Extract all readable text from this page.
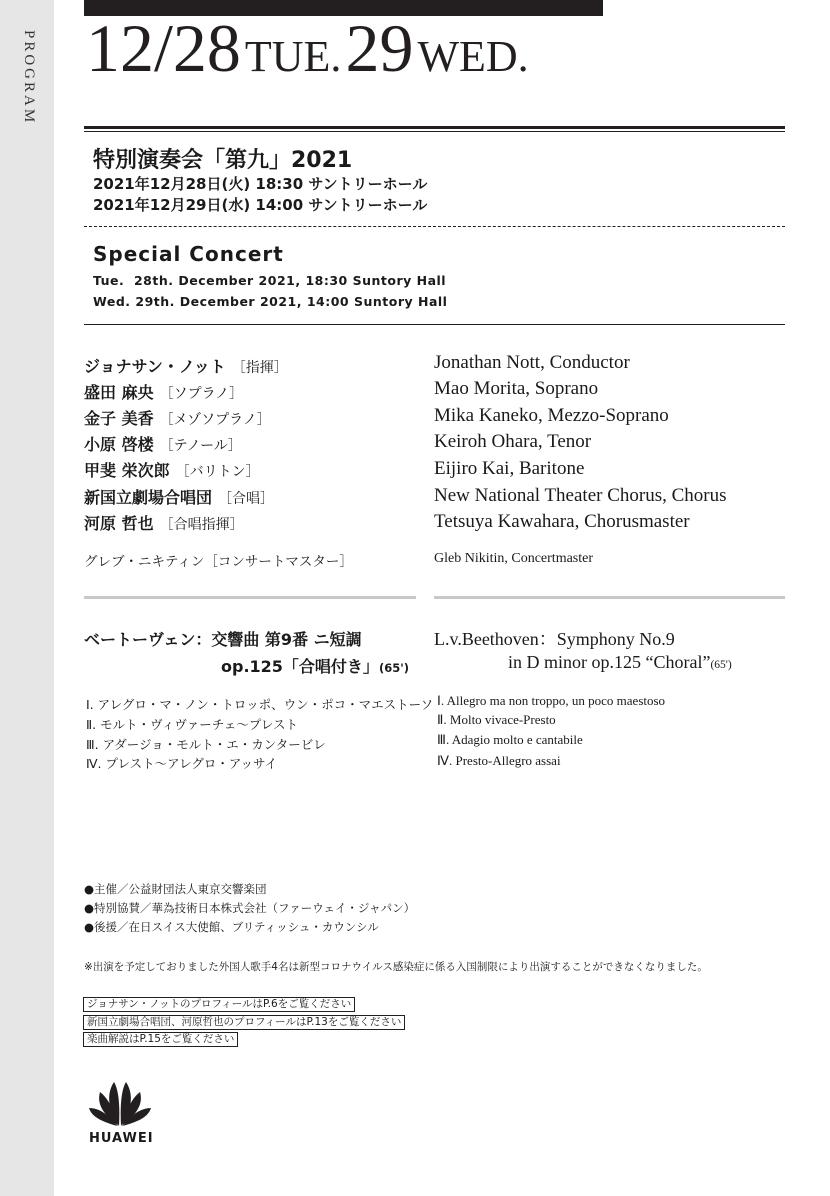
PROGRAM 12/28 TUE. 29 WED.
特別演奏会「第九」2021
2021年12月28日(火) 18:30 サントリーホール
2021年12月29日(水) 14:00 サントリーホール
Special Concert
Tue.  28th. December 2021, 18:30 Suntory Hall
Wed. 29th. December 2021, 14:00 Suntory Hall
ジョナサン・ノット ［指揮］
盛田 麻央 ［ソプラノ］
金子 美香 ［メゾソプラノ］
小原 啓楼 ［テノール］
甲斐 栄次郎 ［バリトン］
新国立劇場合唱団 ［合唱］
河原 哲也 ［合唱指揮］
Jonathan Nott, Conductor
Mao Morita, Soprano
Mika Kaneko, Mezzo-Soprano
Keiroh Ohara, Tenor
Eijiro Kai, Baritone
New National Theater Chorus, Chorus
Tetsuya Kawahara, Chorusmaster
グレブ・ニキティン［コンサートマスター］	Gleb Nikitin, Concertmaster
ベートーヴェン：交響曲 第9番 ニ短調
op.125「合唱付き」(65')
L.v.Beethoven：Symphony No.9
in D minor op.125 “Choral”(65')
Ⅰ. アレグロ・マ・ノン・トロッポ、ウン・ポコ・マエストーソ
Ⅱ. モルト・ヴィヴァーチェ～プレスト
Ⅲ. アダージョ・モルト・エ・カンタービレ
Ⅳ. プレスト～アレグロ・アッサイ
Ⅰ. Allegro ma non troppo, un poco maestoso
Ⅱ. Molto vivace-Presto
Ⅲ. Adagio molto e cantabile
Ⅳ. Presto-Allegro assai
●主催／公益財団法人東京交響楽団
●特別協賛／華為技術日本株式会社（ファーウェイ・ジャパン）
●後援／在日スイス大使館、ブリティッシュ・カウンシル
※出演を予定しておりました外国人歌手4名は新型コロナウイルス感染症に係る入国制限により出演することができなくなりました。
ジョナサン・ノットのプロフィールはP.6をご覧ください
新国立劇場合唱団、河原哲也のプロフィールはP.13をご覧ください
楽曲解説はP.15をご覧ください
HUAWEI
